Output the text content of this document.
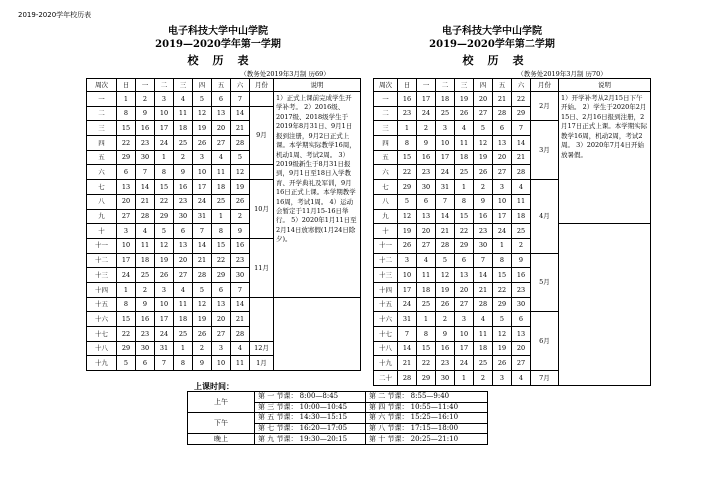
2019-2020学年校历表
电子科技大学中山学院
2019—2020学年第一学期
校历表
（教务处2019年3月制 历69）
电子科技大学中山学院
2019—2020学年第二学期
校历表
（教务处2019年3月制 历70）
周次	日	一	二	三	四	五	六	月份	说明
一	1	2	3	4	5	6	7		1）正式上课前完成学生开学补考。 2）2016级、2017级、2018级学生于2019年8月31日、9月1日报到注册，9月2日正式上课。本学期实际教学16周，机动1周、考试2周。 3）2019级新生于8月31日报到，9月1日至18日入学教育、开学典礼及军训，9月16日正式上课。本学期教学16周，考试1周。 4）运动会暂定于11月15-16日举行。 5）2020年1月11日至2月14日放寒假(1月24日除夕)。
二	8	9	10	11	12	13	14	9月	
三	15	16	17	18	19	20	21		
四	22	23	24	25	26	27	28		
五	29	30	1	2	3	4	5		
六	6	7	8	9	10	11	12		
七	13	14	15	16	17	18	19	10月	
八	20	21	22	23	24	25	26		
九	27	28	29	30	31	1	2		
十	3	4	5	6	7	8	9		
十一	10	11	12	13	14	15	16	11月	
十二	17	18	19	20	21	22	23		
十三	24	25	26	27	28	29	30		
十四	1	2	3	4	5	6	7		
十五	8	9	10	11	12	13	14		
十六	15	16	17	18	19	20	21		
十七	22	23	24	25	26	27	28		
十八	29	30	31	1	2	3	4	12月	
十九	5	6	7	8	9	10	11	1月	
周次	日	一	二	三	四	五	六	月份	说明
一	16	17	18	19	20	21	22	2月	1）开学补考从2月15日下午开始。 2）学生于2020年2月15日、2月16日报到注册，2月17日正式上课。本学期实际教学16周，机动2周，考试2周。 3）2020年7月4日开始放暑假。
二	23	24	25	26	27	28	29		
三	1	2	3	4	5	6	7	3月	
四	8	9	10	11	12	13	14		
五	15	16	17	18	19	20	21		
六	22	23	24	25	26	27	28		
七	29	30	31	1	2	3	4	4月	
八	5	6	7	8	9	10	11		
九	12	13	14	15	16	17	18		
十	19	20	21	22	23	24	25		
十一	26	27	28	29	30	1	2		
十二	3	4	5	6	7	8	9	5月	
十三	10	11	12	13	14	15	16		
十四	17	18	19	20	21	22	23		
十五	24	25	26	27	28	29	30		
十六	31	1	2	3	4	5	6	6月	
十七	7	8	9	10	11	12	13		
十八	14	15	16	17	18	19	20		
十九	21	22	23	24	25	26	27		
二十	28	29	30	1	2	3	4	7月	
上课时间：
上午	第 一 节课： 8:00—8:45	第 二 节课： 8:55—9:40
	第 三 节课： 10:00—10:45	第 四 节课： 10:55—11:40
下午	第 五 节课： 14:30—15:15	第 六 节课： 15:25—16:10
	第 七 节课： 16:20—17:05	第 八 节课： 17:15—18:00
晚上	第 九 节课： 19:30—20:15	第 十 节课： 20:25—21:10
